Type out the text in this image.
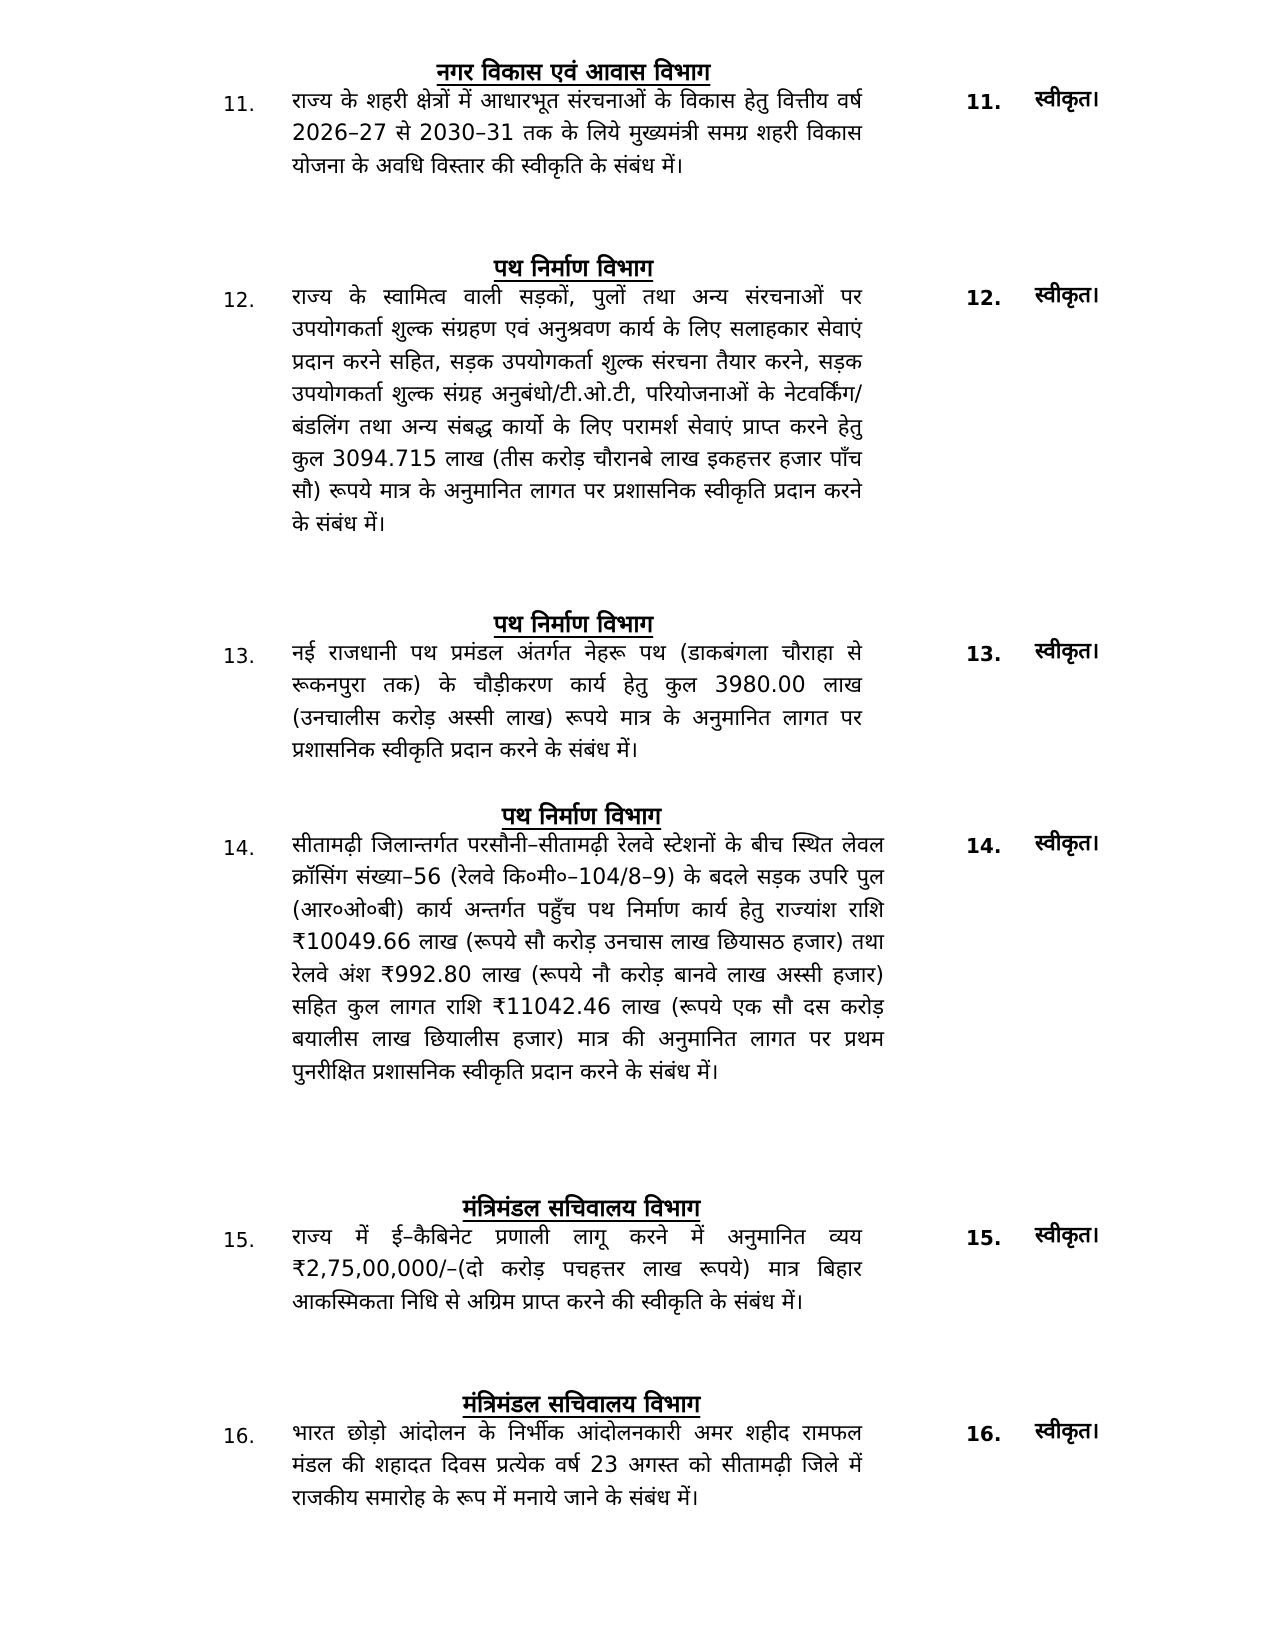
नगर विकास एवं आवास विभाग
11. राज्य के शहरी क्षेत्रों में आधारभूत संरचनाओं के विकास हेतु वित्तीय वर्ष 2026–27 से 2030–31 तक के लिये मुख्यमंत्री समग्र शहरी विकास योजना के अवधि विस्तार की स्वीकृति के संबंध में।
11. स्वीकृत।
पथ निर्माण विभाग
12. राज्य के स्वामित्व वाली सड़कों, पुलों तथा अन्य संरचनाओं पर उपयोगकर्ता शुल्क संग्रहण एवं अनुश्रवण कार्य के लिए सलाहकार सेवाएं प्रदान करने सहित, सड़क उपयोगकर्ता शुल्क संरचना तैयार करने, सड़क उपयोगकर्ता शुल्क संग्रह अनुबंधो/टी.ओ.टी, परियोजनाओं के नेटवर्किंग/बंडलिंग तथा अन्य संबद्ध कार्यो के लिए परामर्श सेवाएं प्राप्त करने हेतु कुल 3094.715 लाख (तीस करोड़ चौरानबे लाख इकहत्तर हजार पाँच सौ) रूपये मात्र के अनुमानित लागत पर प्रशासनिक स्वीकृति प्रदान करने के संबंध में।
12. स्वीकृत।
पथ निर्माण विभाग
13. नई राजधानी पथ प्रमंडल अंतर्गत नेहरू पथ (डाकबंगला चौराहा से रूकनपुरा तक) के चौड़ीकरण कार्य हेतु कुल 3980.00 लाख (उनचालीस करोड़ अस्सी लाख) रूपये मात्र के अनुमानित लागत पर प्रशासनिक स्वीकृति प्रदान करने के संबंध में।
13. स्वीकृत।
पथ निर्माण विभाग
14. सीतामढ़ी जिलान्तर्गत परसौनी–सीतामढ़ी रेलवे स्टेशनों के बीच स्थित लेवल क्रॉसिंग संख्या–56 (रेलवे कि०मी०–104/8–9) के बदले सड़क उपरि पुल (आर०ओ०बी) कार्य अन्तर्गत पहुँच पथ निर्माण कार्य हेतु राज्यांश राशि ₹10049.66 लाख (रूपये सौ करोड़ उनचास लाख छियासठ हजार) तथा रेलवे अंश ₹992.80 लाख (रूपये नौ करोड़ बानवे लाख अस्सी हजार) सहित कुल लागत राशि ₹11042.46 लाख (रूपये एक सौ दस करोड़ बयालीस लाख छियालीस हजार) मात्र की अनुमानित लागत पर प्रथम पुनरीक्षित प्रशासनिक स्वीकृति प्रदान करने के संबंध में।
14. स्वीकृत।
मंत्रिमंडल सचिवालय विभाग
15. राज्य में ई–कैबिनेट प्रणाली लागू करने में अनुमानित व्यय ₹2,75,00,000/–(दो करोड़ पचहत्तर लाख रूपये) मात्र बिहार आकस्मिकता निधि से अग्रिम प्राप्त करने की स्वीकृति के संबंध में।
15. स्वीकृत।
मंत्रिमंडल सचिवालय विभाग
16. भारत छोड़ो आंदोलन के निर्भीक आंदोलनकारी अमर शहीद रामफल मंडल की शहादत दिवस प्रत्येक वर्ष 23 अगस्त को सीतामढ़ी जिले में राजकीय समारोह के रूप में मनाये जाने के संबंध में।
16. स्वीकृत।
